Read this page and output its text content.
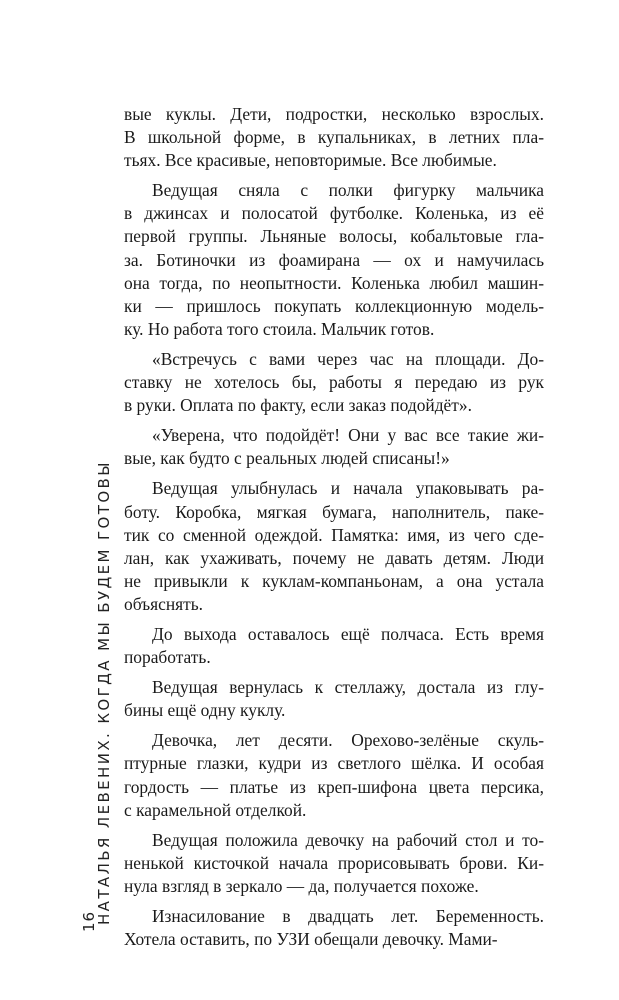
НАТАЛЬЯ ЛЕВЕНИХ. КОГДА МЫ БУДЕМ ГОТОВЫ
16
вые куклы. Дети, подростки, несколько взрослых.
В школьной форме, в купальниках, в летних пла-
тьях. Все красивые, неповторимые. Все любимые.
Ведущая сняла с полки фигурку мальчика
в джинсах и полосатой футболке. Коленька, из её
первой группы. Льняные волосы, кобальтовые гла-
за. Ботиночки из фоамирана — ох и намучилась
она тогда, по неопытности. Коленька любил машин-
ки — пришлось покупать коллекционную модель-
ку. Но работа того стоила. Мальчик готов.
«Встречусь с вами через час на площади. До-
ставку не хотелось бы, работы я передаю из рук
в руки. Оплата по факту, если заказ подойдёт».
«Уверена, что подойдёт! Они у вас все такие жи-
вые, как будто с реальных людей списаны!»
Ведущая улыбнулась и начала упаковывать ра-
боту. Коробка, мягкая бумага, наполнитель, паке-
тик со сменной одеждой. Памятка: имя, из чего сде-
лан, как ухаживать, почему не давать детям. Люди
не привыкли к куклам-компаньонам, а она устала
объяснять.
До выхода оставалось ещё полчаса. Есть время
поработать.
Ведущая вернулась к стеллажу, достала из глу-
бины ещё одну куклу.
Девочка, лет десяти. Орехово-зелёные скуль-
птурные глазки, кудри из светлого шёлка. И особая
гордость — платье из креп-шифона цвета персика,
с карамельной отделкой.
Ведущая положила девочку на рабочий стол и то-
ненькой кисточкой начала прорисовывать брови. Ки-
нула взгляд в зеркало — да, получается похоже.
Изнасилование в двадцать лет. Беременность.
Хотела оставить, по УЗИ обещали девочку. Мами-
